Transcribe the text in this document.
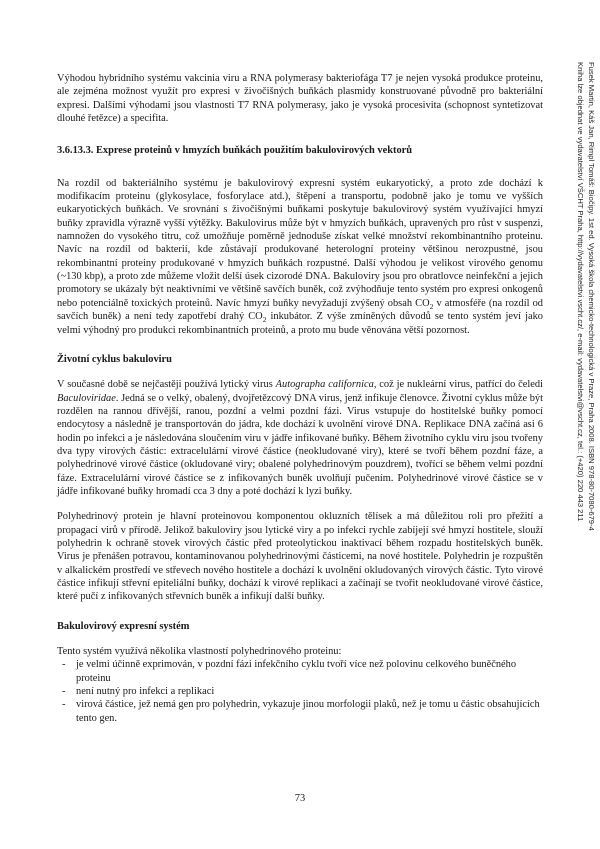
Fusek Martin, Káš Jan, Rimpl Tomáš: Biočipy. 1st ed. Vysoká škola chemicko-technologická v Praze, Praha 2008. ISBN 978-80-7080-679-4
Kniha lze objednat ve vydavatelství VŠCHT Praha, http://vydavatelstvi.vscht.cz/, e-mail: vydavatelstvi@vscht.cz, tel.: (+420) 220 443 211

Výhodou hybridního systému vakcinia viru a RNA polymerasy bakteriofága T7 je nejen vysoká produkce proteinu, ale zejména možnost využít pro expresi v živočišných buňkách plasmidy konstruované původně pro bakteriální expresi. Dalšími výhodami jsou vlastnosti T7 RNA polymerasy, jako je vysoká procesivita (schopnost syntetizovat dlouhé řetězce) a specifita.

3.6.13.3. Exprese proteinů v hmyzích buňkách použitím bakulovirových vektorů

Na rozdíl od bakteriálního systému je bakulovirový expresní systém eukaryotický, a proto zde dochází k modifikacím proteinu (glykosylace, fosforylace atd.), štěpení a transportu, podobně jako je tomu ve vyšších eukaryotických buňkách. Ve srovnání s živočišnými buňkami poskytuje bakulovirový systém využívající hmyzí buňky zpravidla výrazně vyšší výtěžky. Bakulovirus může být v hmyzích buňkách, upravených pro růst v suspenzi, namnožen do vysokého titru, což umožňuje poměrně jednoduše získat velké množství rekombinantního proteinu. Navíc na rozdíl od bakterií, kde zůstávají produkované heterologní proteiny většinou nerozpustné, jsou rekombinantní proteiny produkované v hmyzích buňkách rozpustné. Další výhodou je velikost virového genomu (~130 kbp), a proto zde můžeme vložit delší úsek cizorodé DNA. Bakuloviry jsou pro obratlovce neinfekční a jejich promotory se ukázaly být neaktivními ve většině savčích buněk, což zvýhodňuje tento systém pro expresi onkogenů nebo potenciálně toxických proteinů. Navíc hmyzí buňky nevyžadují zvýšený obsah $CO_2$ v atmosféře (na rozdíl od savčích buněk) a není tedy zapotřebí drahý $CO_2$ inkubátor. Z výše zmíněných důvodů se tento systém jeví jako velmi výhodný pro produkci rekombinantních proteinů, a proto mu bude věnována větší pozornost.

Životní cyklus bakuloviru

V současné době se nejčastěji používá lytický virus Autographa californica, což je nukleární virus, patřící do čeledi Baculoviridae. Jedná se o velký, obalený, dvojřetězcový DNA virus, jenž infikuje členovce. Životní cyklus může být rozdělen na rannou dřívější, ranou, pozdní a velmi pozdní fázi. Virus vstupuje do hostitelské buňky pomocí endocytosy a následně je transportován do jádra, kde dochází k uvolnění virové DNA. Replikace DNA začíná asi 6 hodin po infekci a je následována sloučením viru v jádře infikované buňky. Během životního cyklu viru jsou tvořeny dva typy virových částic: extracelulární virové částice (neokludované viry), které se tvoří během pozdní fáze, a polyhedrinové virové částice (okludované viry; obalené polyhedrinovým pouzdrem), tvořící se během velmi pozdní fáze. Extracelulární virové částice se z infikovaných buněk uvolňují pučením. Polyhedrinové virové částice se v jádře infikované buňky hromadí cca 3 dny a poté dochází k lyzi buňky.

Polyhedrinový protein je hlavní proteinovou komponentou okluzních tělísek a má důležitou roli pro přežití a propagaci virů v přírodě. Jelikož bakuloviry jsou lytické viry a po infekci rychle zabíjejí své hmyzí hostitele, slouží polyhedrin k ochraně stovek virových částic před proteolytickou inaktivací během rozpadu hostitelských buněk. Virus je přenášen potravou, kontaminovanou polyhedrinovými částicemi, na nové hostitele. Polyhedrin je rozpuštěn v alkalickém prostředí ve střevech nového hostitele a dochází k uvolnění okludovaných virových částic. Tyto virové částice infikují střevní epiteliální buňky, dochází k virové replikaci a začínají se tvořit neokludované virové částice, které pučí z infikovaných střevních buněk a infikují další buňky.

Bakulovirový expresní systém

Tento systém využívá několika vlastností polyhedrinového proteinu:

-	je velmi účinně exprimován, v pozdní fázi infekčního cyklu tvoří více než polovinu celkového buněčného proteinu
-	není nutný pro infekci a replikaci
-	virová částice, jež nemá gen pro polyhedrin, vykazuje jinou morfologii plaků, než je tomu u částic obsahujících tento gen.
73
